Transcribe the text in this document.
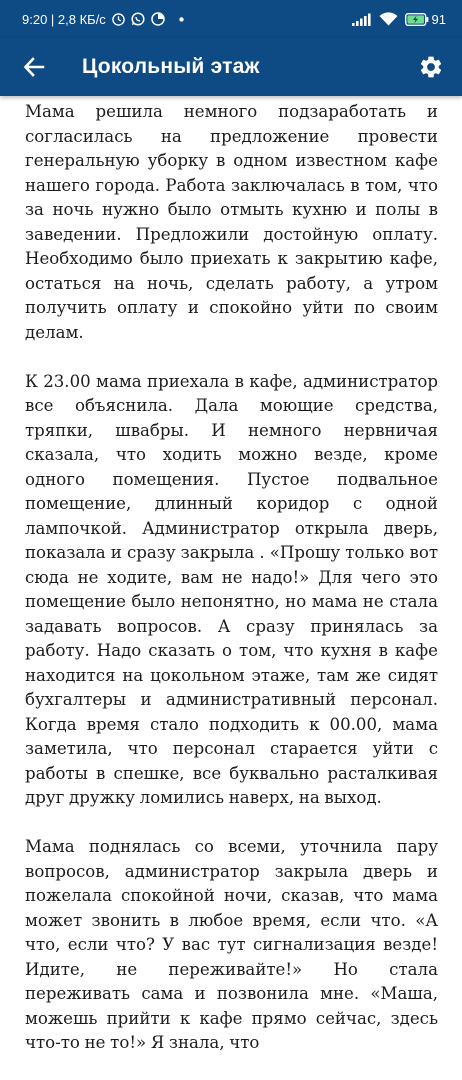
9:20 | 2,8 КБ/с	91
Цокольный этаж

Мама решила немного подзаработать и согласилась на предложение провести генеральную уборку в одном известном кафе нашего города. Работа заключалась в том, что за ночь нужно было отмыть кухню и полы в заведении. Предложили достойную оплату. Необходимо было приехать к закрытию кафе, остаться на ночь, сделать работу, а утром получить оплату и спокойно уйти по своим делам.

К 23.00 мама приехала в кафе, администратор все объяснила. Дала моющие средства, тряпки, швабры. И немного нервничая сказала, что ходить можно везде, кроме одного помещения. Пустое подвальное помещение, длинный коридор с одной лампочкой. Администратор открыла дверь, показала и сразу закрыла . «Прошу только вот сюда не ходите, вам не надо!» Для чего это помещение было непонятно, но мама не стала задавать вопросов. А сразу принялась за работу. Надо сказать о том, что кухня в кафе находится на цокольном этаже, там же сидят бухгалтеры и административный персонал. Когда время стало подходить к 00.00, мама заметила, что персонал старается уйти с работы в спешке, все буквально расталкивая друг дружку ломились наверх, на выход.

Мама поднялась со всеми, уточнила пару вопросов, администратор закрыла дверь и пожелала спокойной ночи, сказав, что мама может звонить в любое время, если что. «А что, если что? У вас тут сигнализация везде! Идите, не переживайте!» Но стала переживать сама и позвонила мне. «Маша, можешь прийти к кафе прямо сейчас, здесь что-то не то!» Я знала, что
